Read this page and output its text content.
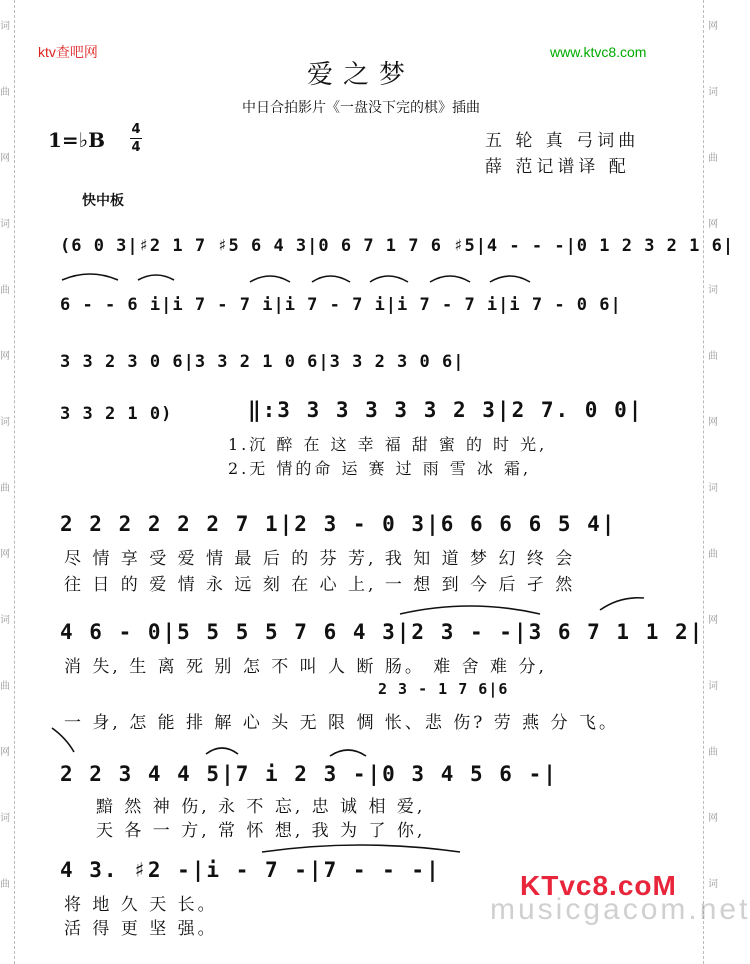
词
曲
网
词
曲
网
词
曲
网
词
曲
网
词
曲
网
词
曲
网
词
曲
网
词
曲
网
词
曲
网
词
ktv查吧网	www.ktvc8.com
爱之梦
中日合拍影片《一盘没下完的棋》插曲
1=♭B 4
4	五 轮 真 弓词曲
薛 范记谱译 配
快中板
(6 0 3|♯2 1 7 ♯5 6 4 3|0 6 7 1 7 6 ♯5|4 - - -|0 1 2 3 2 1 6|
6 - - 6 i|i 7 - 7 i|i 7 - 7 i|i 7 - 7 i|i 7 - 0 6|
3 3 2 3 0 6|3 3 2 1 0 6|3 3 2 3 0 6|
3 3 2 1 0)	‖:3 3 3 3 3 3 2 3|2 7. 0 0|
1.沉 醉 在 这 幸 福 甜 蜜 的 时 光,
2.无 情的命 运 赛 过 雨 雪 冰 霜,
2 2 2 2 2 2 7 1|2 3 - 0 3|6 6 6 6 5 4|
尽 情 享 受 爱 情 最 后 的 芬 芳, 我 知 道 梦 幻 终 会
往 日 的 爱 情 永 远 刻 在 心 上, 一 想 到 今 后 孑 然
4 6 - 0|5 5 5 5 7 6 4 3|2 3 - -|3 6 7 1 1 2|
消 失, 生 离 死 别 怎 不 叫 人 断 肠。 难 舍 难 分,
2 3 - 1 7 6|6
一 身, 怎 能 排 解 心 头 无 限 惆 怅、悲 伤? 劳 燕 分 飞。
2 2 3 4 4 5|7 i 2 3 -|0 3 4 5 6 -|
黯 然 神 伤, 永 不 忘, 忠 诚 相 爱,
天 各 一 方, 常 怀 想, 我 为 了 你,
4 3. ♯2 -|i - 7 -|7 - - -|
将 地 久 天 长。
活 得 更 坚 强。
musicgacom.net
KTvc8.coM
